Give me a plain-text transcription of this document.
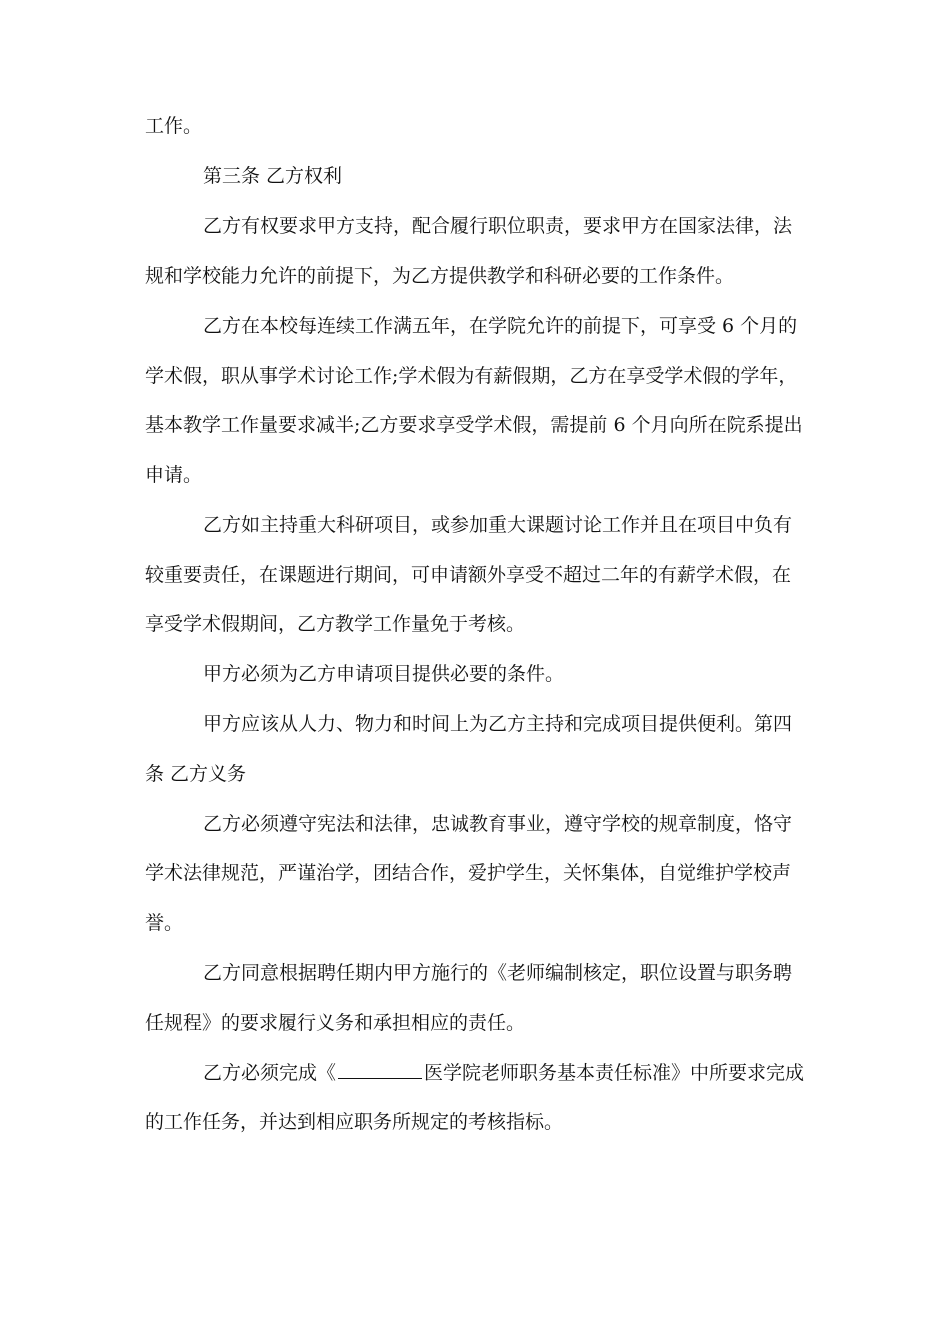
工作。
第三条 乙方权利
乙方有权要求甲方支持，配合履行职位职责，要求甲方在国家法律，法
规和学校能力允许的前提下，为乙方提供教学和科研必要的工作条件。
乙方在本校每连续工作满五年，在学院允许的前提下，可享受 6 个月的
学术假，职从事学术讨论工作;学术假为有薪假期，乙方在享受学术假的学年，
基本教学工作量要求减半;乙方要求享受学术假，需提前 6 个月向所在院系提出
申请。
乙方如主持重大科研项目，或参加重大课题讨论工作并且在项目中负有
较重要责任，在课题进行期间，可申请额外享受不超过二年的有薪学术假，在
享受学术假期间，乙方教学工作量免于考核。
甲方必须为乙方申请项目提供必要的条件。
甲方应该从人力、物力和时间上为乙方主持和完成项目提供便利。第四
条 乙方义务
乙方必须遵守宪法和法律，忠诚教育事业，遵守学校的规章制度，恪守
学术法律规范，严谨治学，团结合作，爱护学生，关怀集体，自觉维护学校声
誉。
乙方同意根据聘任期内甲方施行的《老师编制核定，职位设置与职务聘
任规程》的要求履行义务和承担相应的责任。
乙方必须完成《	医学院老师职务基本责任标准》中所要求完成
的工作任务，并达到相应职务所规定的考核指标。
